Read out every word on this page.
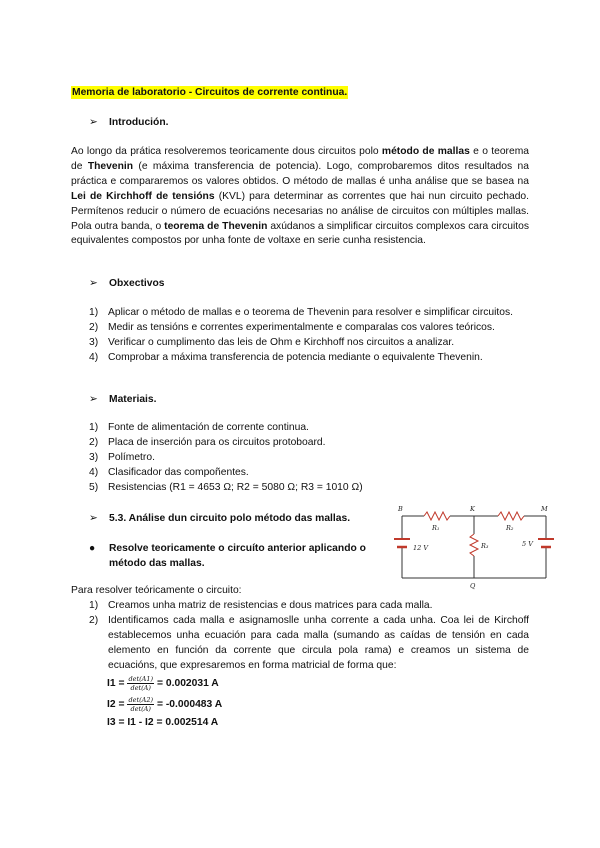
Memoria de laboratorio - Circuitos de corrente continua.
➢ Introdución.

Ao longo da prática resolveremos teoricamente dous circuitos polo método de mallas e o teorema de Thevenin (e máxima transferencia de potencia). Logo, comprobaremos ditos resultados na práctica e compararemos os valores obtidos. O método de mallas é unha análise que se basea na Lei de Kirchhoff de tensións (KVL) para determinar as correntes que hai nun circuito pechado. Permítenos reducir o número de ecuacións necesarias no análise de circuitos con múltiples mallas. Pola outra banda, o teorema de Thevenin axúdanos a simplificar circuitos complexos cara circuitos equivalentes compostos por unha fonte de voltaxe en serie cunha resistencia.

➢ Obxectivos
1) Aplicar o método de mallas e o teorema de Thevenin para resolver e simplificar circuitos.
2) Medir as tensións e correntes experimentalmente e comparalas cos valores teóricos.
3) Verificar o cumplimento das leis de Ohm e Kirchhoff nos circuitos a analizar.
4) Comprobar a máxima transferencia de potencia mediante o equivalente Thevenin.
➢ Materiais.
1) Fonte de alimentación de corrente continua.
2) Placa de inserción para os circuitos protoboard.
3) Polímetro.
4) Clasificador das compoñentes.
5) Resistencias (R1 = 4653 Ω; R2 = 5080 Ω; R3 = 1010 Ω)
➢ 5.3. Análise dun circuito polo método das mallas.
●	Resolve teoricamente o circuíto anterior aplicando o método das mallas.
B	K	M
Q
R₁	R₂
R₃
12 V	5 V
Para resolver teóricamente o circuito:
1) Creamos unha matriz de resistencias e dous matrices para cada malla.
2) Identificamos cada malla e asignamoslle unha corrente a cada unha. Coa lei de Kirchoff establecemos unha ecuación para cada malla (sumando as caídas de tensión en cada elemento en función da corrente que circula pola rama) e creamos un sistema de ecuacións, que expresaremos en forma matricial de forma que:
$I1 = \frac{\det(A1)}{\det(A)} = 0.002031$ A
$I2 = \frac{\det(A2)}{\det(A)} = -0.000483$ A
I3 = I1 - I2 = 0.002514 A
